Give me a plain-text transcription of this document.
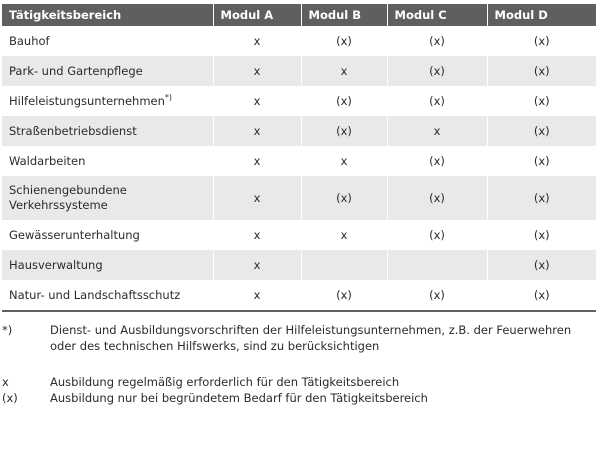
Tätigkeitsbereich	Modul A	Modul B	Modul C	Modul D
Bauhof	x	(x)	(x)	(x)
Park- und Gartenpflege	x	x	(x)	(x)
Hilfeleistungsunternehmen*)	x	(x)	(x)	(x)
Straßenbetriebsdienst	x	(x)	x	(x)
Waldarbeiten	x	x	(x)	(x)
Schienengebundene Verkehrssysteme	x	(x)	(x)	(x)
Gewässerunterhaltung	x	x	(x)	(x)
Hausverwaltung	x			(x)
Natur- und Landschaftsschutz	x	(x)	(x)	(x)
*)	Dienst- und Ausbildungsvorschriften der Hilfeleistungsunternehmen, z.B. der Feuerwehren oder des technischen Hilfswerks, sind zu berücksichtigen
x	Ausbildung regelmäßig erforderlich für den Tätigkeitsbereich
(x)	Ausbildung nur bei begründetem Bedarf für den Tätigkeitsbereich
